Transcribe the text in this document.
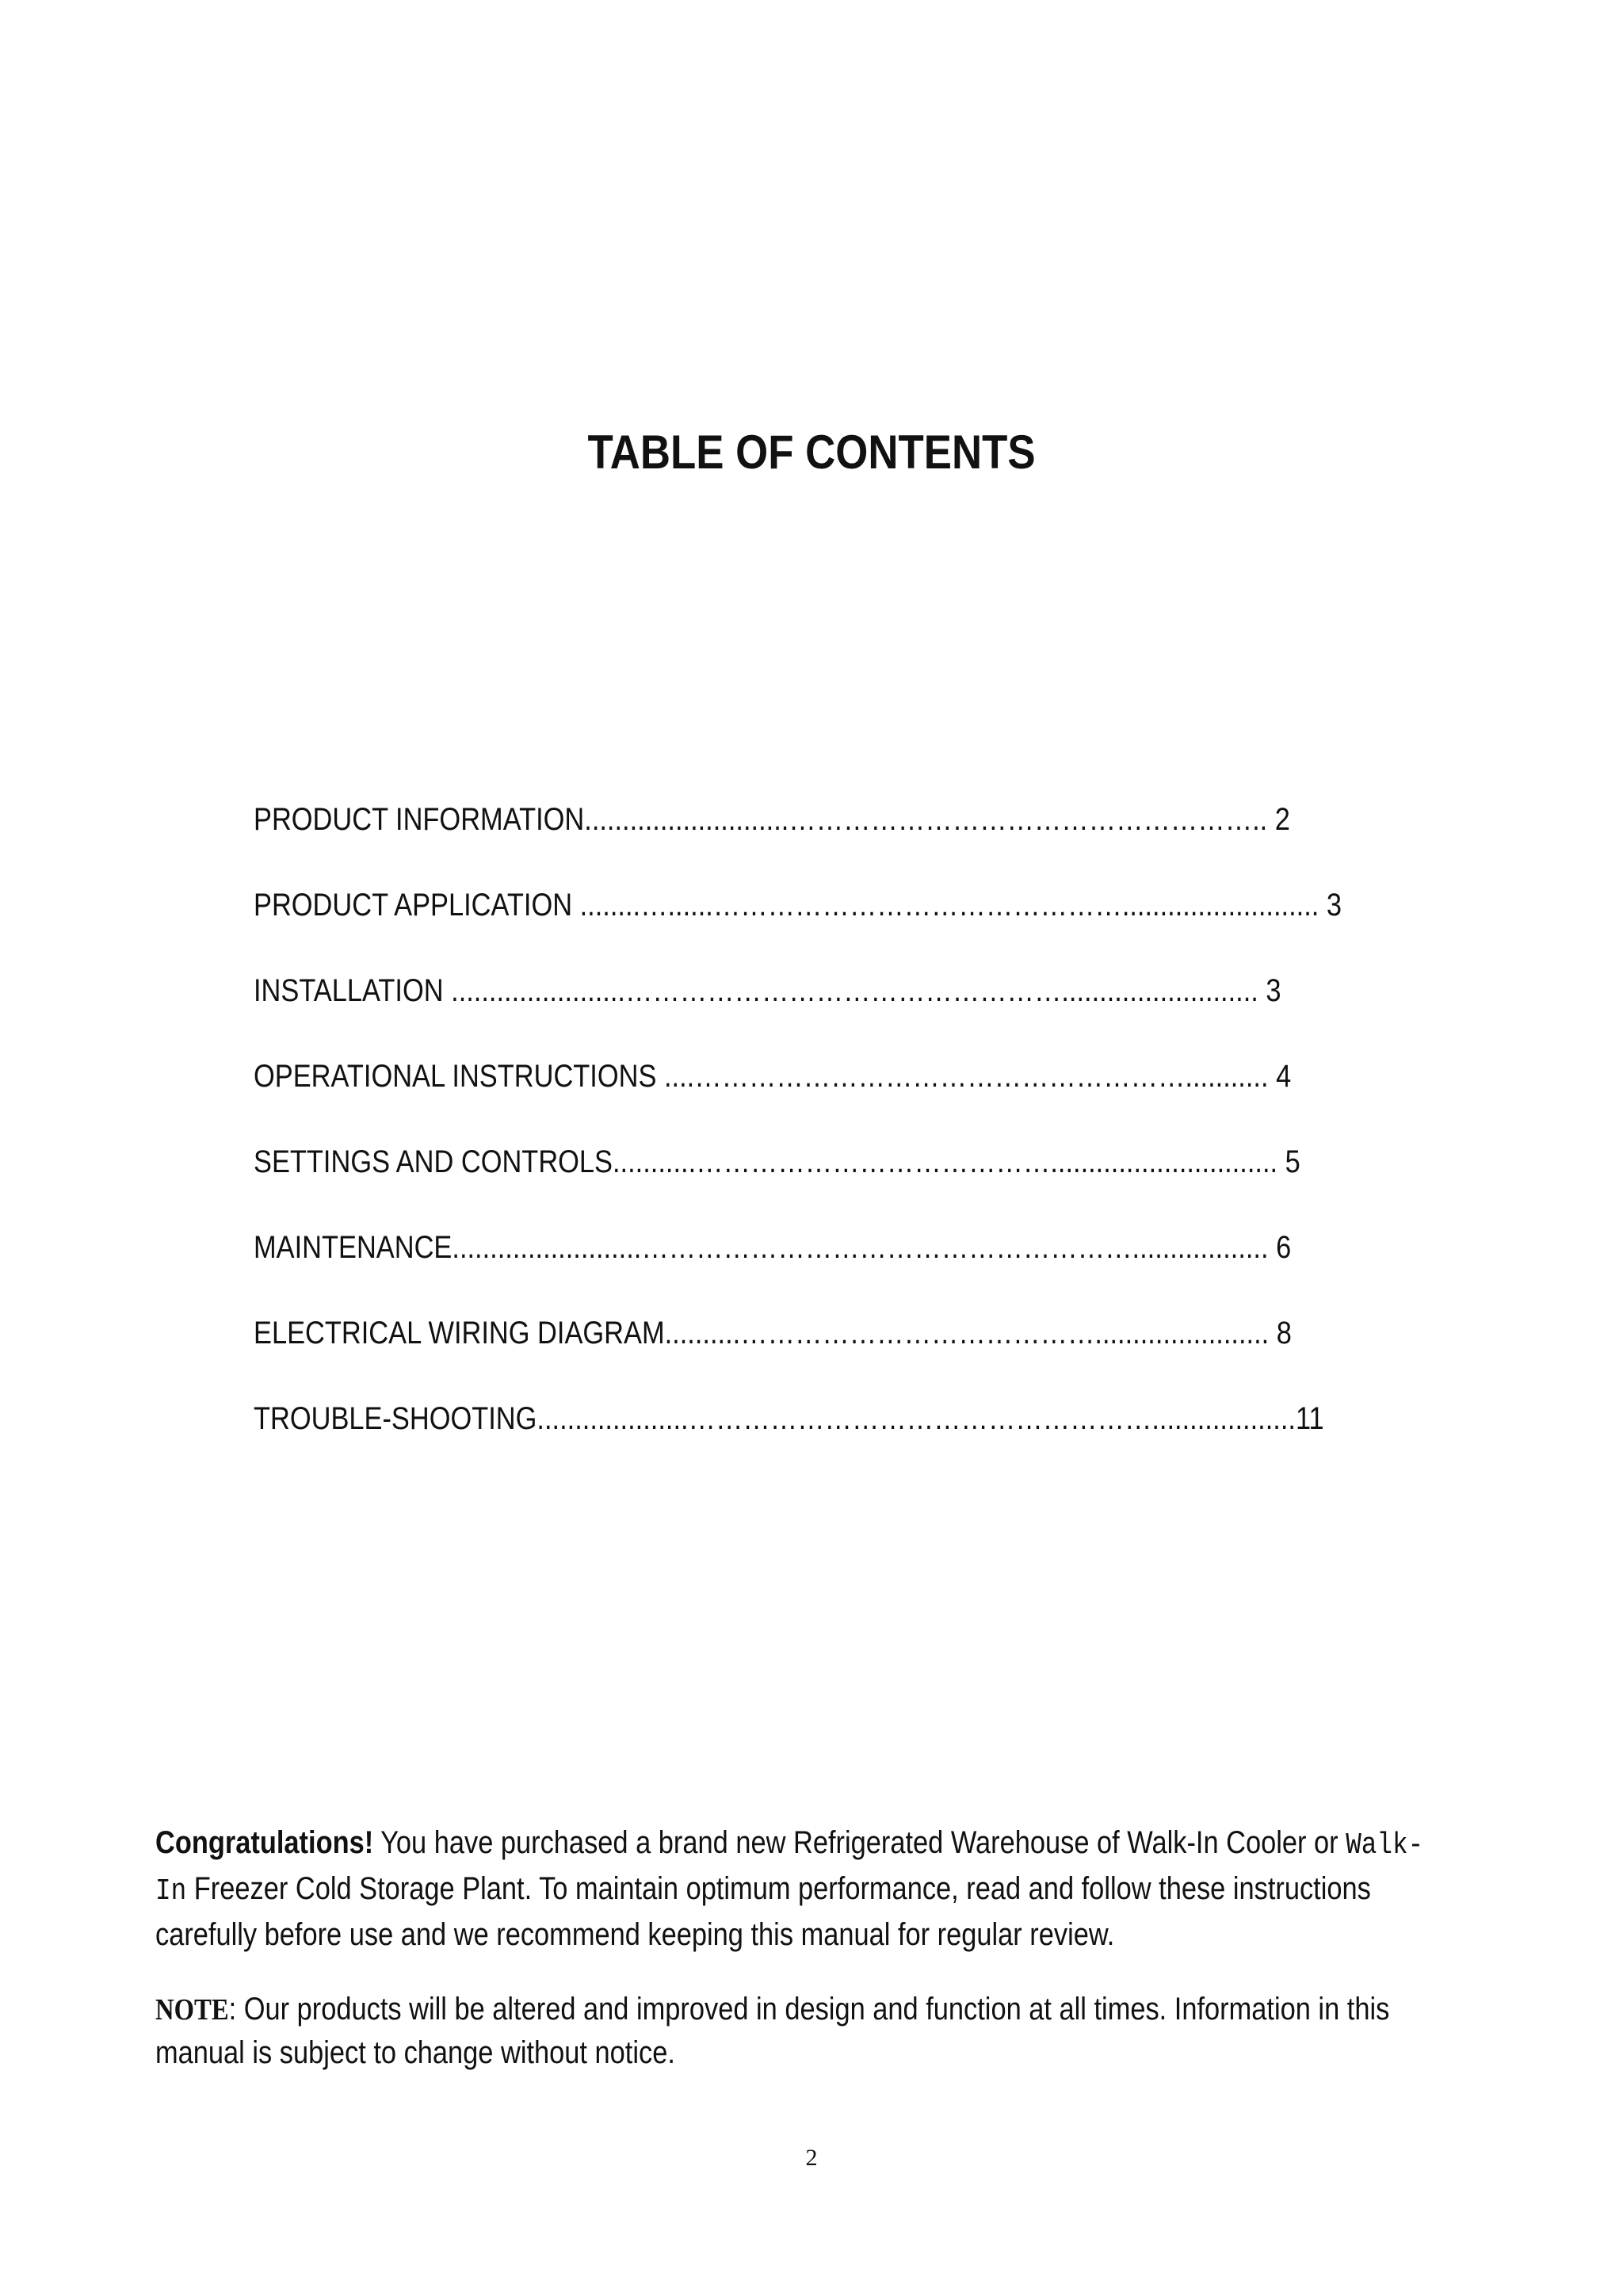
TABLE OF CONTENTS
PRODUCT INFORMATION...........................…………………………………………….. 2
PRODUCT APPLICATION ........…......……………………………………….......................... 3
INSTALLATION .......................………………………………………….......................... 3
OPERATIONAL INSTRUCTIONS ....………………………………………………........... 4
SETTINGS AND CONTROLS...........………………………………….............................. 5
MAINTENANCE.........................……………………………………………….................. 6
ELECTRICAL WIRING DIAGRAM..........…………………………………....................... 8
TROUBLE-SHOOTING....................……………………………………………...................11

Congratulations! You have purchased a brand new Refrigerated Warehouse of Walk-In Cooler or Walk-In Freezer Cold Storage Plant. To maintain optimum performance, read and follow these instructions carefully before use and we recommend keeping this manual for regular review.

NOTE: Our products will be altered and improved in design and function at all times. Information in this manual is subject to change without notice.

2
